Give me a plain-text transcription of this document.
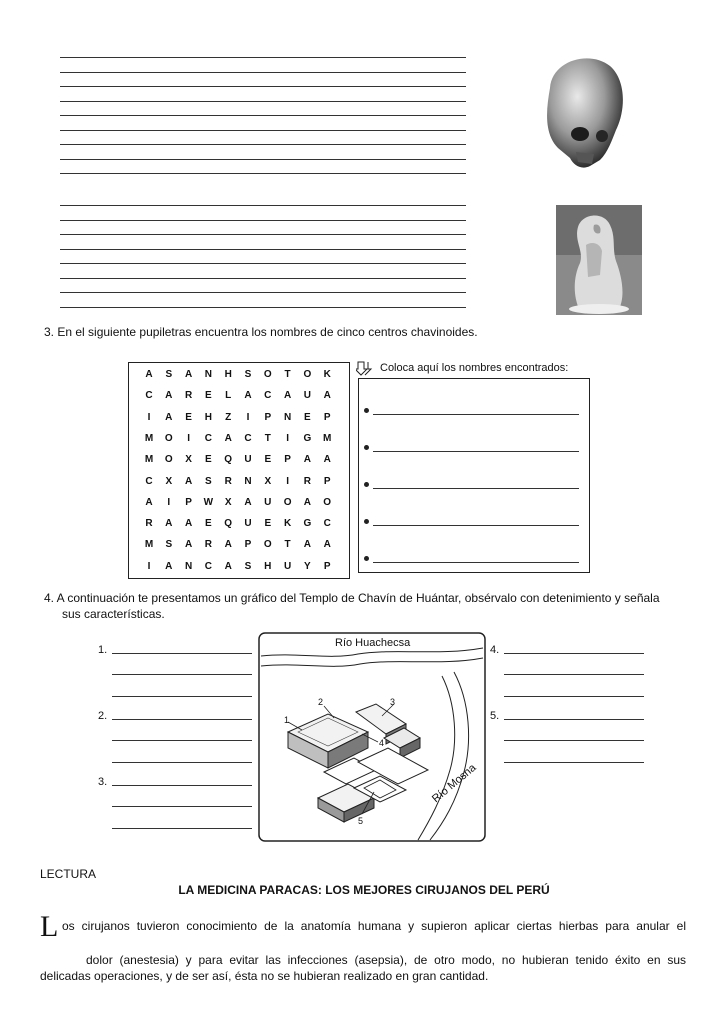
3. En el siguiente pupiletras encuentra los nombres de cinco centros chavinoides.
A	S	A	N	H	S	O	T	O	K
C	A	R	E	L	A	C	A	U	A
I	A	E	H	Z	I	P	N	E	P
M	O	I	C	A	C	T	I	G	M
M	O	X	E	Q	U	E	P	A	A
C	X	A	S	R	N	X	I	R	P
A	I	P	W	X	A	U	O	A	O
R	A	A	E	Q	U	E	K	G	C
M	S	A	R	A	P	O	T	A	A
I	A	N	C	A	S	H	U	Y	P
Coloca aquí los nombres encontrados:
4. A continuación te presentamos un gráfico del Templo de Chavín de Huántar, obsérvalo con detenimiento y señala
sus características.
1.
2.
3.
4.
5.
Río Huachecsa
Río Mosna
1
2	3
4
5
LECTURA
LA MEDICINA PARACAS: LOS MEJORES CIRUJANOS DEL PERÚ
L os cirujanos tuvieron conocimiento de la anatomía humana y supieron aplicar ciertas hierbas para anular el
dolor (anestesia) y para evitar las infecciones (asepsia), de otro modo, no hubieran tenido éxito en sus
delicadas operaciones, y de ser así, ésta no se hubieran realizado en gran cantidad.
